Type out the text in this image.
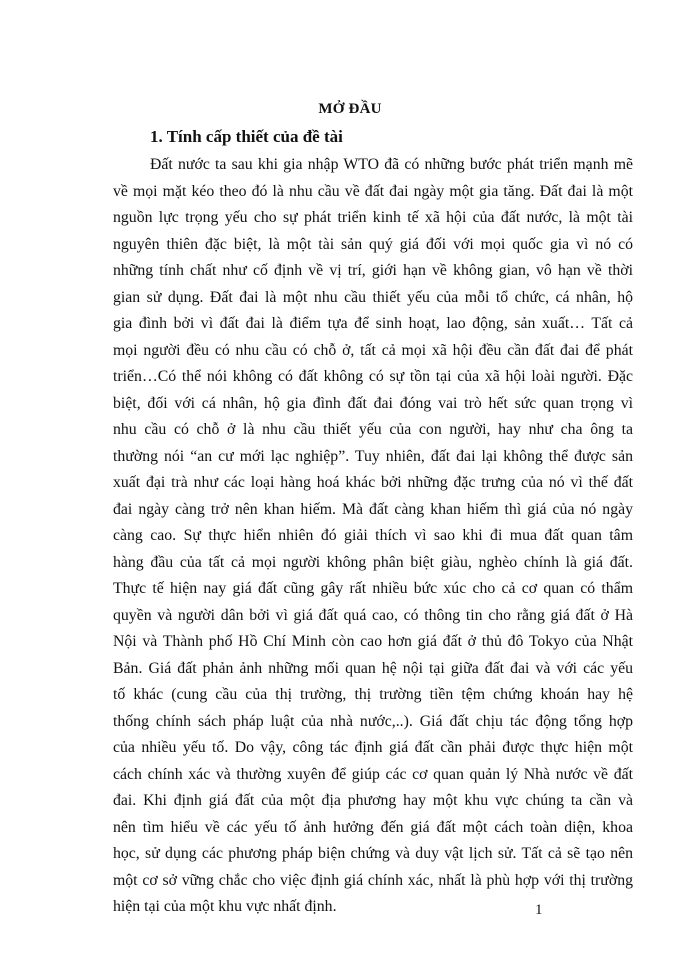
MỞ ĐẦU
1. Tính cấp thiết của đề tài
Đất nước ta sau khi gia nhập WTO đã có những bước phát triển mạnh mẽ
về mọi mặt kéo theo đó là nhu cầu về đất đai ngày một gia tăng. Đất đai là một
nguồn lực trọng yếu cho sự phát triển kinh tế xã hội của đất nước, là một tài
nguyên thiên đặc biệt, là một tài sản quý giá đối với mọi quốc gia vì nó có
những tính chất như cố định về vị trí, giới hạn về không gian, vô hạn về thời
gian sử dụng. Đất đai là một nhu cầu thiết yếu của mỗi tổ chức, cá nhân, hộ
gia đình bởi vì đất đai là điểm tựa để sinh hoạt, lao động, sản xuất… Tất cả
mọi người đều có nhu cầu có chỗ ở, tất cả mọi xã hội đều cần đất đai để phát
triển…Có thể nói không có đất không có sự tồn tại của xã hội loài người. Đặc
biệt, đối với cá nhân, hộ gia đình đất đai đóng vai trò hết sức quan trọng vì
nhu cầu có chỗ ở là nhu cầu thiết yếu của con người, hay như cha ông ta
thường nói “an cư mới lạc nghiệp”. Tuy nhiên, đất đai lại không thể được sản
xuất đại trà như các loại hàng hoá khác bởi những đặc trưng của nó vì thế đất
đai ngày càng trở nên khan hiếm. Mà đất càng khan hiếm thì giá của nó ngày
càng cao. Sự thực hiển nhiên đó giải thích vì sao khi đi mua đất quan tâm
hàng đầu của tất cả mọi người không phân biệt giàu, nghèo chính là giá đất.
Thực tế hiện nay giá đất cũng gây rất nhiều bức xúc cho cả cơ quan có thẩm
quyền và người dân bởi vì giá đất quá cao, có thông tin cho rằng giá đất ở Hà
Nội và Thành phố Hồ Chí Minh còn cao hơn giá đất ở thủ đô Tokyo của Nhật
Bản. Giá đất phản ảnh những mối quan hệ nội tại giữa đất đai và với các yếu
tố khác (cung cầu của thị trường, thị trường tiền tệm chứng khoán hay hệ
thống chính sách pháp luật của nhà nước,..). Giá đất chịu tác động tổng hợp
của nhiều yếu tố. Do vậy, công tác định giá đất cần phải được thực hiện một
cách chính xác và thường xuyên để giúp các cơ quan quản lý Nhà nước về đất
đai. Khi định giá đất của một địa phương hay một khu vực chúng ta cần và
nên tìm hiểu về các yếu tố ảnh hưởng đến giá đất một cách toàn diện, khoa
học, sử dụng các phương pháp biện chứng và duy vật lịch sử. Tất cả sẽ tạo nên
một cơ sở vững chắc cho việc định giá chính xác, nhất là phù hợp với thị trường
hiện tại của một khu vực nhất định.	1
